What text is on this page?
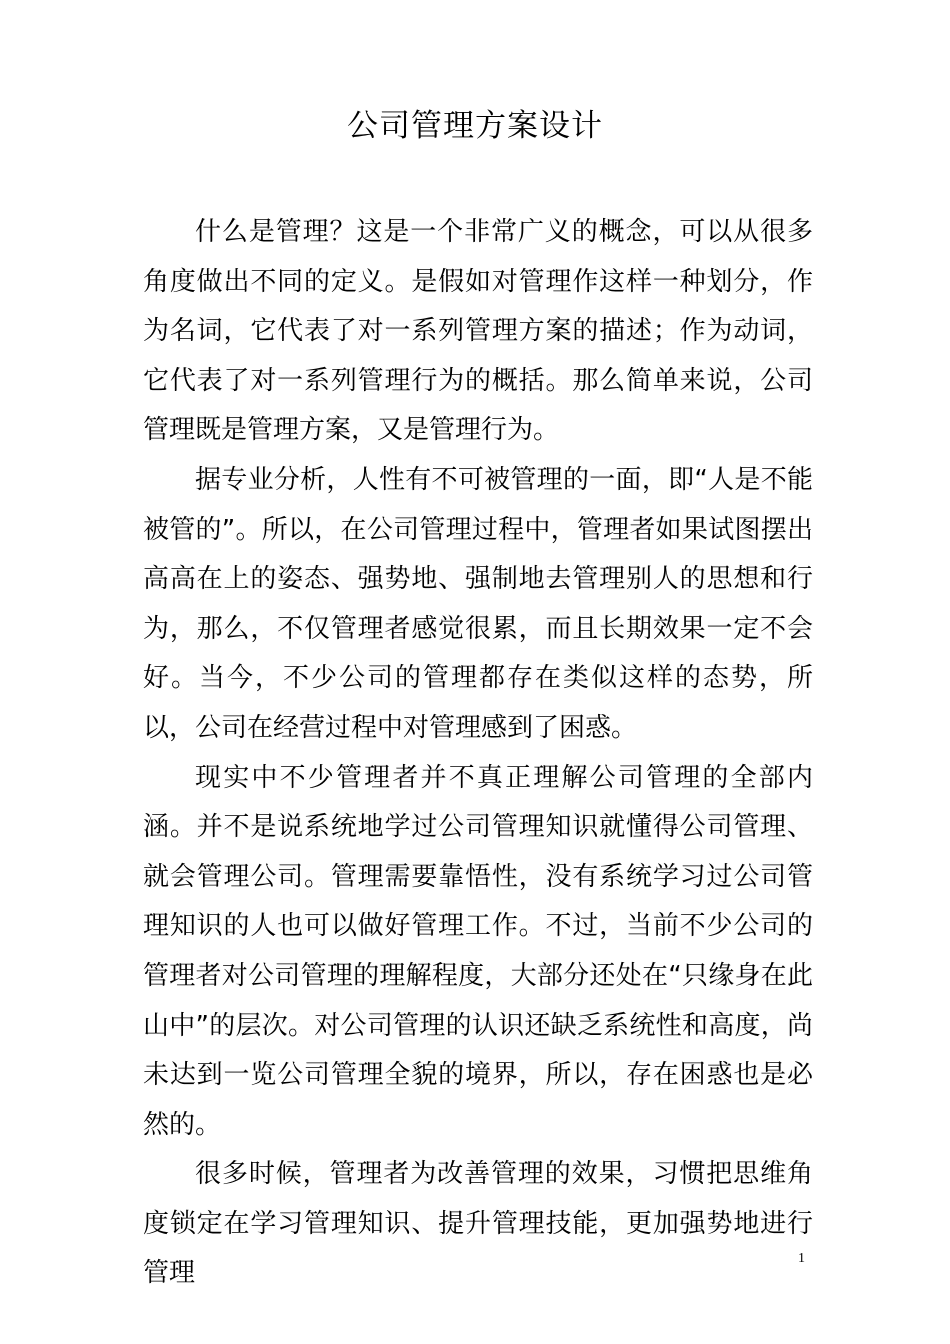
公司管理方案设计

什么是管理？这是一个非常广义的概念，可以从很多角度做出不同的定义。是假如对管理作这样一种划分，作为名词，它代表了对一系列管理方案的描述；作为动词，它代表了对一系列管理行为的概括。那么简单来说，公司管理既是管理方案，又是管理行为。

据专业分析，人性有不可被管理的一面，即“人是不能被管的”。所以，在公司管理过程中，管理者如果试图摆出高高在上的姿态、强势地、强制地去管理别人的思想和行为，那么，不仅管理者感觉很累，而且长期效果一定不会好。当今，不少公司的管理都存在类似这样的态势，所以，公司在经营过程中对管理感到了困惑。

现实中不少管理者并不真正理解公司管理的全部内涵。并不是说系统地学过公司管理知识就懂得公司管理、就会管理公司。管理需要靠悟性，没有系统学习过公司管理知识的人也可以做好管理工作。不过，当前不少公司的管理者对公司管理的理解程度，大部分还处在“只缘身在此山中”的层次。对公司管理的认识还缺乏系统性和高度，尚未达到一览公司管理全貌的境界，所以，存在困惑也是必然的。

很多时候，管理者为改善管理的效果，习惯把思维角度锁定在学习管理知识、提升管理技能，更加强势地进行管理	1
